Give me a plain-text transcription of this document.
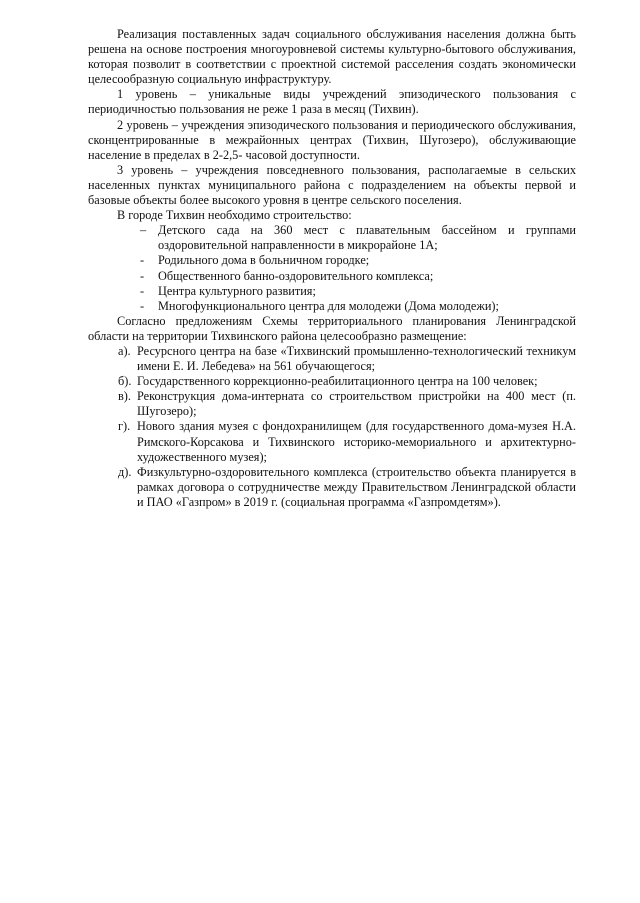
Реализация поставленных задач социального обслуживания населения должна быть решена на основе построения многоуровневой системы культурно-бытового обслуживания, которая позволит в соответствии с проектной системой расселения создать экономически целесообразную социальную инфраструктуру.

1 уровень – уникальные виды учреждений эпизодического пользования с периодичностью пользования не реже 1 раза в месяц (Тихвин).

2 уровень – учреждения эпизодического пользования и периодического обслуживания, сконцентрированные в межрайонных центрах (Тихвин, Шугозеро), обслуживающие население в пределах в 2-2,5- часовой доступности.

3 уровень – учреждения повседневного пользования, располагаемые в сельских населенных пунктах муниципального района с подразделением на объекты первой и базовые объекты более высокого уровня в центре сельского поселения.

В городе Тихвин необходимо строительство:

– Детского сада на 360 мест с плавательным бассейном и группами оздоровительной направленности в микрорайоне 1А;
- Родильного дома в больничном городке;
- Общественного банно-оздоровительного комплекса;
- Центра культурного развития;
- Многофункционального центра для молодежи (Дома молодежи);

Согласно предложениям Схемы территориального планирования Ленинградской области на территории Тихвинского района целесообразно размещение:

а). Ресурсного центра на базе «Тихвинский промышленно-технологический техникум имени Е. И. Лебедева» на 561 обучающегося;
б). Государственного коррекционно-реабилитационного центра на 100 человек;
в). Реконструкция дома-интерната со строительством пристройки на 400 мест (п. Шугозеро);
г). Нового здания музея с фондохранилищем (для государственного дома-музея Н.А. Римского-Корсакова и Тихвинского историко-мемориального и архитектурно-художественного музея);
д). Физкультурно-оздоровительного комплекса (строительство объекта планируется в рамках договора о сотрудничестве между Правительством Ленинградской области и ПАО «Газпром» в 2019 г. (социальная программа «Газпромдетям»).
